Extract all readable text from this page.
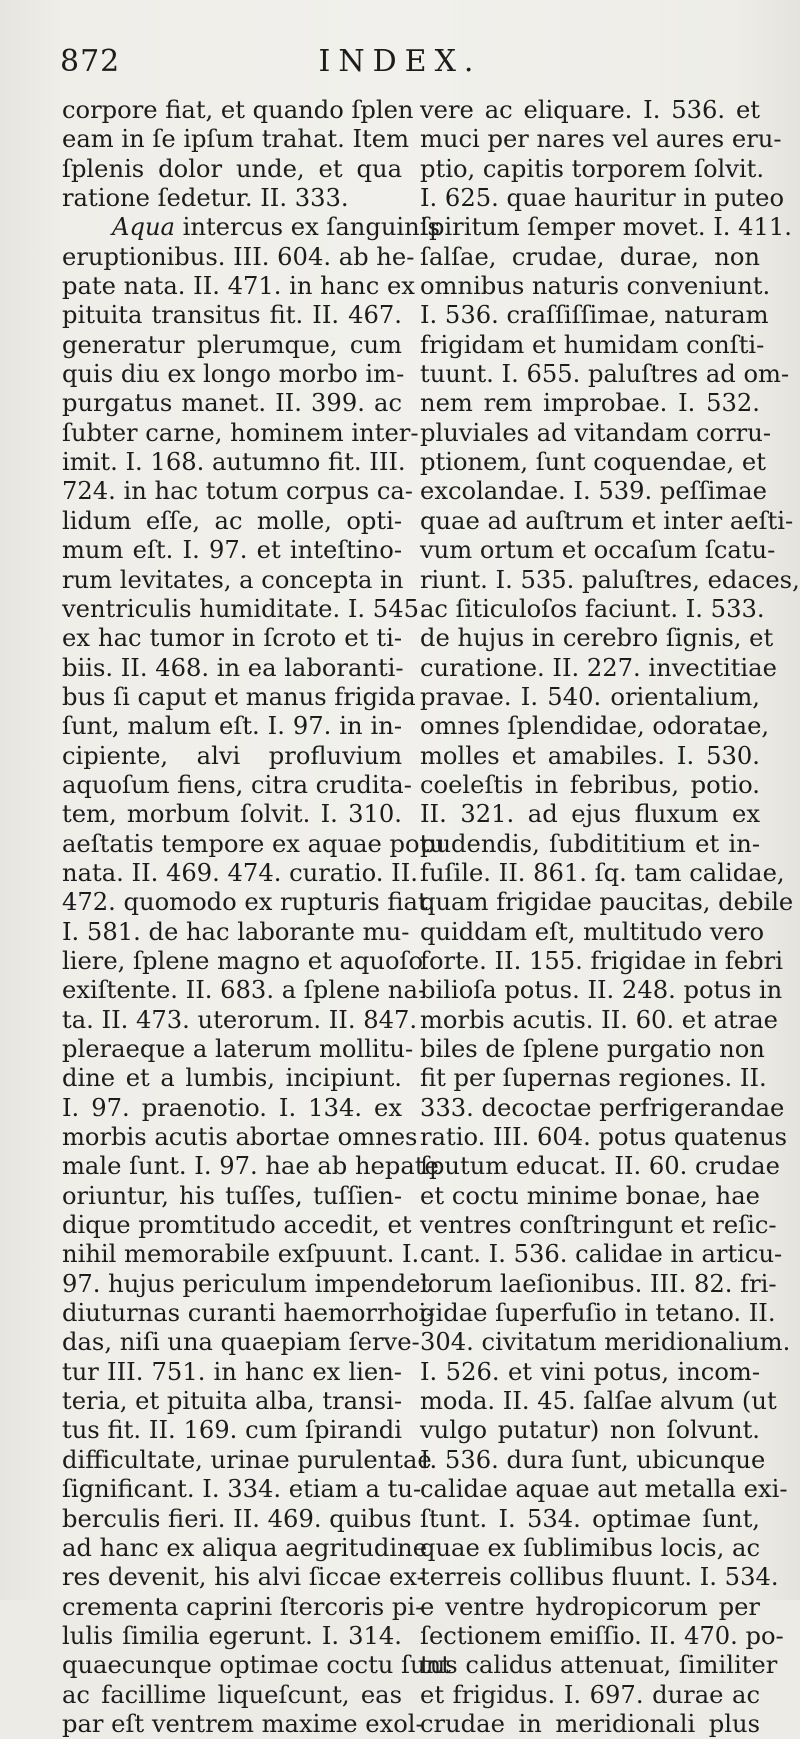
872	INDEX.
corpore fiat, et quando ſplen
eam in ſe ipſum trahat. Item
ſplenis dolor unde, et qua
ratione ſedetur. II. 333.
Aqua intercus ex ſanguinis
eruptionibus. III. 604. ab he-
pate nata. II. 471. in hanc ex
pituita transitus fit. II. 467.
generatur plerumque, cum
quis diu ex longo morbo im-
purgatus manet. II. 399. ac
ſubter carne, hominem inter-
imit. I. 168. autumno fit. III.
724. in hac totum corpus ca-
lidum eſſe, ac molle, opti-
mum eſt. I. 97. et inteſtino-
rum levitates, a concepta in
ventriculis humiditate. I. 545.
ex hac tumor in ſcroto et ti-
biis. II. 468. in ea laboranti-
bus ſi caput et manus frigida
ſunt, malum eſt. I. 97. in in-
cipiente, alvi profluvium
aquoſum fiens, citra crudita-
tem, morbum ſolvit. I. 310.
aeſtatis tempore ex aquae potu
nata. II. 469. 474. curatio. II.
472. quomodo ex rupturis fiat.
I. 581. de hac laborante mu-
liere, ſplene magno et aquoſo
exiſtente. II. 683. a ſplene na-
ta. II. 473. uterorum. II. 847.
pleraeque a laterum mollitu-
dine et a lumbis, incipiunt.
I. 97. praenotio. I. 134. ex
morbis acutis abortae omnes
male ſunt. I. 97. hae ab hepate
oriuntur, his tuſſes, tuſſien-
dique promtitudo accedit, et
nihil memorabile exſpuunt. I.
97. hujus periculum impendet
diuturnas curanti haemorrhoi-
das, niſi una quaepiam ſerve-
tur III. 751. in hanc ex lien-
teria, et pituita alba, transi-
tus fit. II. 169. cum ſpirandi
difficultate, urinae purulentae
ſignificant. I. 334. etiam a tu-
berculis fieri. II. 469. quibus
ad hanc ex aliqua aegritudine
res devenit, his alvi ſiccae ex-
crementa caprini ſtercoris pi-
lulis ſimilia egerunt. I. 314.
quaecunque optimae coctu ſunt
ac facillime liqueſcunt, eas
par eſt ventrem maxime exol-
vere ac eliquare. I. 536. et
muci per nares vel aures eru-
ptio, capitis torporem ſolvit.
I. 625. quae hauritur in puteo
ſpiritum ſemper movet. I. 411.
ſalſae, crudae, durae, non
omnibus naturis conveniunt.
I. 536. craſſiſſimae, naturam
frigidam et humidam conſti-
tuunt. I. 655. paluſtres ad om-
nem rem improbae. I. 532.
pluviales ad vitandam corru-
ptionem, ſunt coquendae, et
excolandae. I. 539. peſſimae
quae ad auſtrum et inter aeſti-
vum ortum et occaſum ſcatu-
riunt. I. 535. paluſtres, edaces,
ac ſiticuloſos faciunt. I. 533.
de hujus in cerebro ſignis, et
curatione. II. 227. invectitiae
pravae. I. 540. orientalium,
omnes ſplendidae, odoratae,
molles et amabiles. I. 530.
coeleſtis in febribus, potio.
II. 321. ad ejus fluxum ex
pudendis, ſubdititium et in-
fuſile. II. 861. ſq. tam calidae,
quam frigidae paucitas, debile
quiddam eſt, multitudo vero
forte. II. 155. frigidae in febri
bilioſa potus. II. 248. potus in
morbis acutis. II. 60. et atrae
biles de ſplene purgatio non
fit per ſupernas regiones. II.
333. decoctae perfrigerandae
ratio. III. 604. potus quatenus
ſputum educat. II. 60. crudae
et coctu minime bonae, hae
ventres conſtringunt et reſic-
cant. I. 536. calidae in articu-
lorum laeſionibus. III. 82. fri-
gidae ſuperfuſio in tetano. II.
304. civitatum meridionalium.
I. 526. et vini potus, incom-
moda. II. 45. ſalſae alvum (ut
vulgo putatur) non ſolvunt.
I. 536. dura ſunt, ubicunque
calidae aquae aut metalla exi-
ſtunt. I. 534. optimae ſunt,
quae ex ſublimibus locis, ac
terreis collibus fluunt. I. 534.
e ventre hydropicorum per
ſectionem emiſſio. II. 470. po-
tus calidus attenuat, ſimiliter
et frigidus. I. 697. durae ac
crudae in meridionali plus
